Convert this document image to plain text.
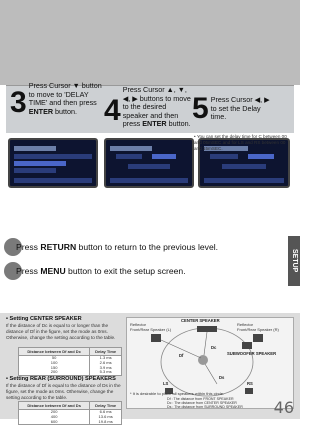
3
Press Cursor ▼ button
to move to 'DELAY
TIME' and then press
ENTER button. 4
Press Cursor ▲, ▼,
◀, ▶ buttons to move
to the desired
speaker and then
press ENTER button. 5 Press Cursor ◀, ▶
to set the Delay
time.
• You can set the delay time for C between 00 and 05mSEC and for LS and RS between 00 and 15mSEC.
SETUP
Press RETURN button to return to the previous level.
Press MENU button to exit the setup screen.
• Setting CENTER SPEAKER
If the distance of Dc is equal to or longer than the distance of Df in the figure, set the mode as 0ms. Otherwise, change the setting according to the table.
Distance between Df and Dc	Delay Time
50	1.3 ms
100	2.6 ms
150	3.9 ms
200	5.3 ms
• Setting REAR (SURROUND) SPEAKERS
If the distance of Df is equal to the distance of Ds in the figure, set the mode as 0ms. Otherwise, change the setting according to the table.
Distance between Df and Ds	Delay Time
200	6.6 ms
400	13.6 ms
600	19.8 ms
CENTER SPEAKER
Reflector
Front/Rear Speaker (L)
Reflector
Front/Rear Speaker (R)
SUBWOOFER SPEAKER
Df
Dc
Ds
LS	RS
* It is desirable to place all speakers within this circle.
Df : The distance from FRONT SPEAKER
Dc : The distance from CENTER SPEAKER
Ds : The distance from SURROUND SPEAKER 46
